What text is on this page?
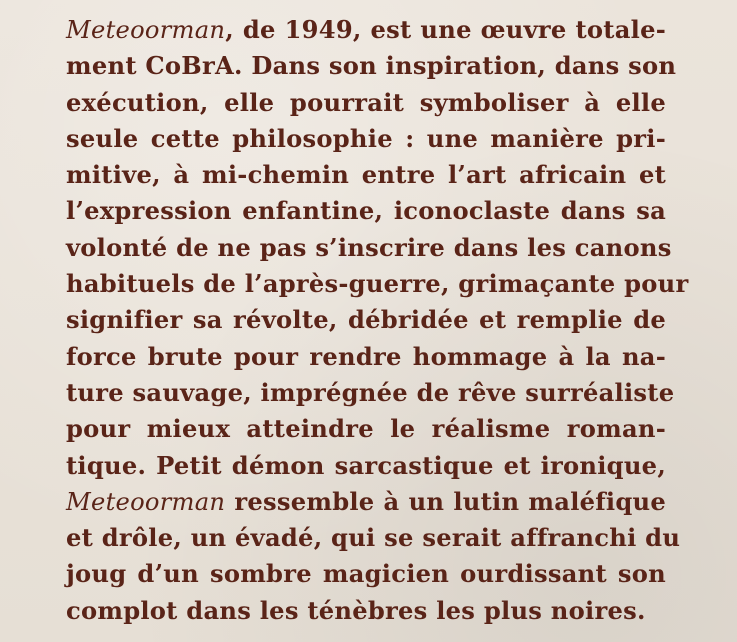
Meteoorman, de 1949, est une œuvre totale-
ment CoBrA. Dans son inspiration, dans son
exécution, elle pourrait symboliser à elle
seule cette philosophie : une manière pri-
mitive, à mi-chemin entre l’art africain et
l’expression enfantine, iconoclaste dans sa
volonté de ne pas s’inscrire dans les canons
habituels de l’après-guerre, grimaçante pour
signifier sa révolte, débridée et remplie de
force brute pour rendre hommage à la na-
ture sauvage, imprégnée de rêve surréaliste
pour mieux atteindre le réalisme roman-
tique. Petit démon sarcastique et ironique,
Meteoorman ressemble à un lutin maléfique
et drôle, un évadé, qui se serait affranchi du
joug d’un sombre magicien ourdissant son
complot dans les ténèbres les plus noires.
